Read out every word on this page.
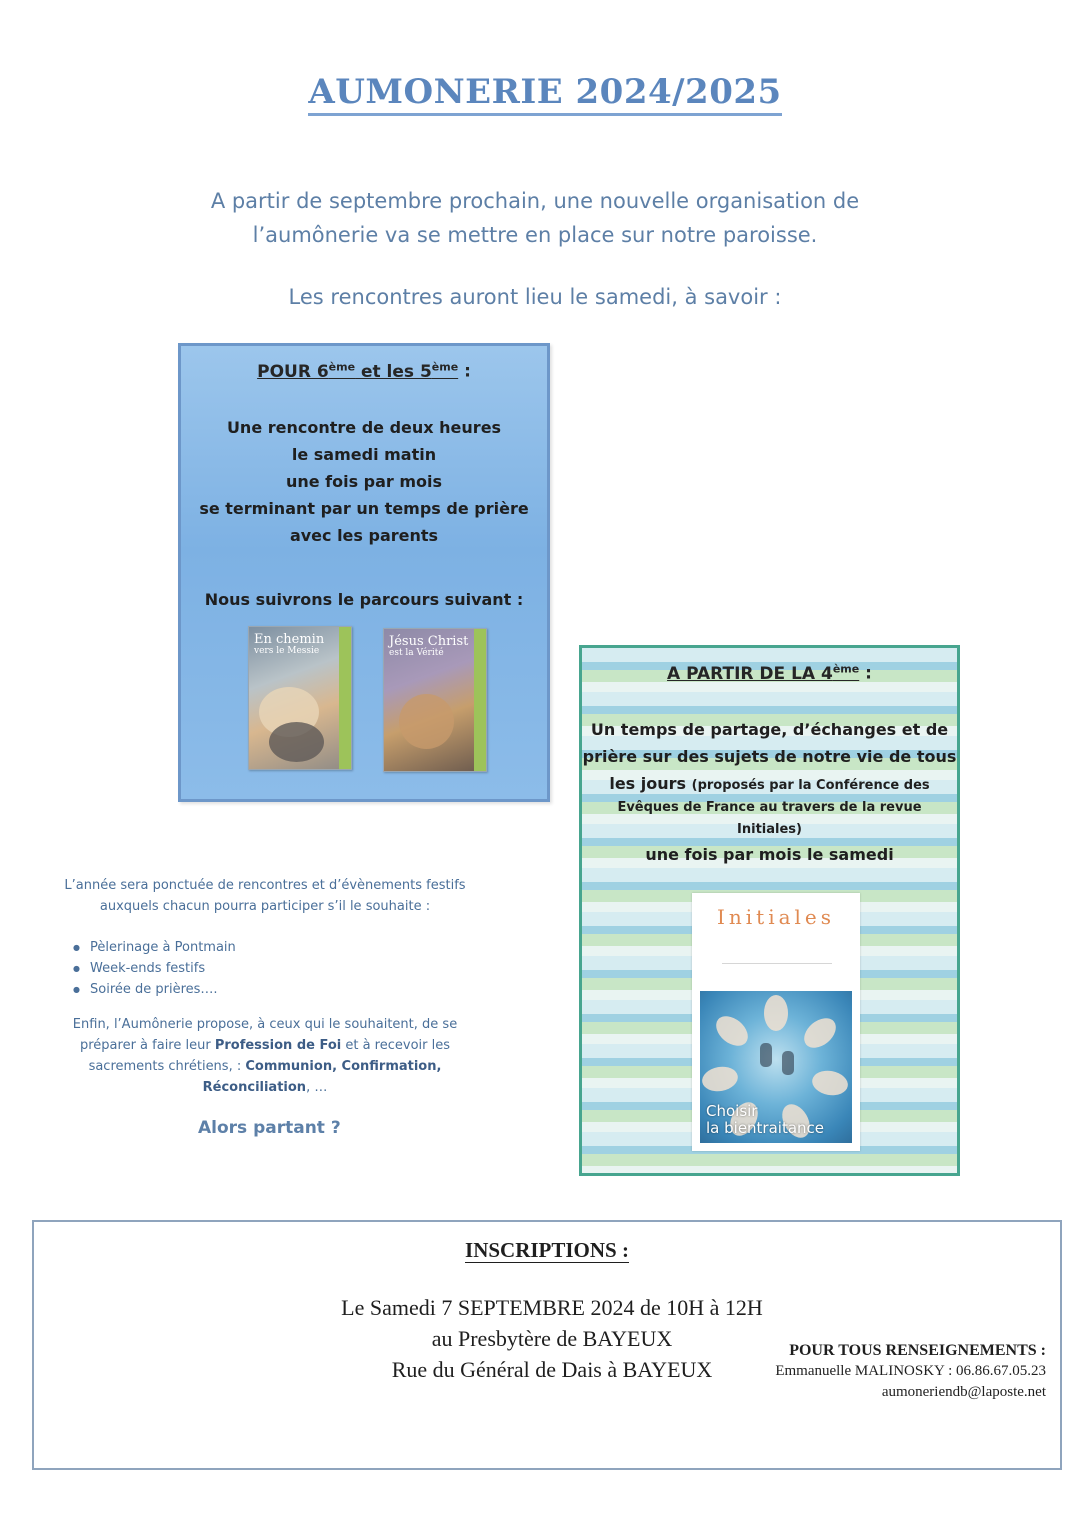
AUMONERIE 2024/2025
A partir de septembre prochain, une nouvelle organisation de
l’aumônerie va se mettre en place sur notre paroisse.
Les rencontres auront lieu le samedi, à savoir :
POUR 6ème et les 5ème :
Une rencontre de deux heures
le samedi matin
une fois par mois
se terminant par un temps de prière
avec les parents
Nous suivrons le parcours suivant :
En chemin
vers le Messie
Jésus Christ
est la Vérité
A PARTIR DE LA 4ème :
Un temps de partage, d’échanges et de
prière sur des sujets de notre vie de tous
les jours (proposés par la Conférence des
Evêques de France au travers de la revue
Initiales)
une fois par mois le samedi
Initiales
Choisir
la bientraitance
L’année sera ponctuée de rencontres et d’évènements festifs
auxquels chacun pourra participer s’il le souhaite :
● Pèlerinage à Pontmain
● Week-ends festifs
● Soirée de prières….
Enfin, l’Aumônerie propose, à ceux qui le souhaitent, de se
préparer à faire leur Profession de Foi et à recevoir les
sacrements chrétiens, : Communion, Confirmation,
Réconciliation, …
Alors partant ?
INSCRIPTIONS :
Le Samedi 7 SEPTEMBRE 2024 de 10H à 12H
au Presbytère de BAYEUX
Rue du Général de Dais à BAYEUX
POUR TOUS RENSEIGNEMENTS :
Emmanuelle MALINOSKY : 06.86.67.05.23
aumoneriendb@laposte.net
